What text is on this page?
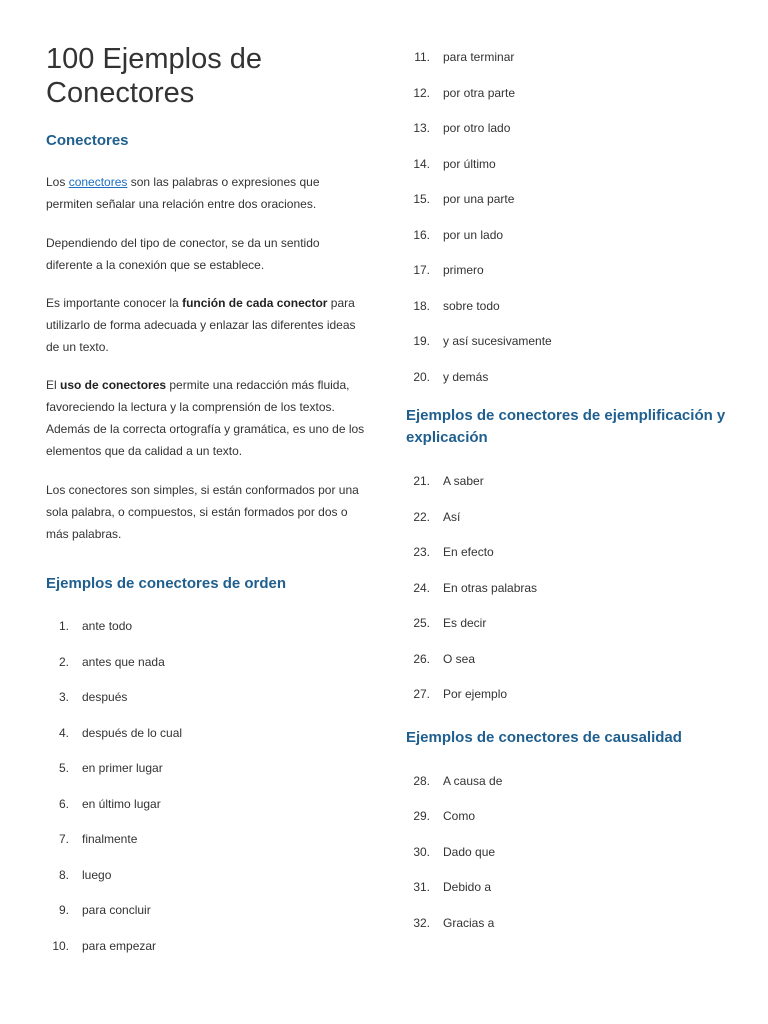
100 Ejemplos de
Conectores
Conectores

Los conectores son las palabras o expresiones que permiten señalar una relación entre dos oraciones.

Dependiendo del tipo de conector, se da un sentido diferente a la conexión que se establece.

Es importante conocer la función de cada conector para utilizarlo de forma adecuada y enlazar las diferentes ideas de un texto.

El uso de conectores permite una redacción más fluida, favoreciendo la lectura y la comprensión de los textos. Además de la correcta ortografía y gramática, es uno de los elementos que da calidad a un texto.

Los conectores son simples, si están conformados por una sola palabra, o compuestos, si están formados por dos o más palabras.

Ejemplos de conectores de orden
1. ante todo
2. antes que nada
3. después
4. después de lo cual
5. en primer lugar
6. en último lugar
7. finalmente
8. luego
9. para concluir
10. para empezar
11. para terminar
12. por otra parte
13. por otro lado
14. por último
15. por una parte
16. por un lado
17. primero
18. sobre todo
19. y así sucesivamente
20. y demás
Ejemplos de conectores de ejemplificación y explicación
21. A saber
22. Así
23. En efecto
24. En otras palabras
25. Es decir
26. O sea
27. Por ejemplo
Ejemplos de conectores de causalidad
28. A causa de
29. Como
30. Dado que
31. Debido a
32. Gracias a
